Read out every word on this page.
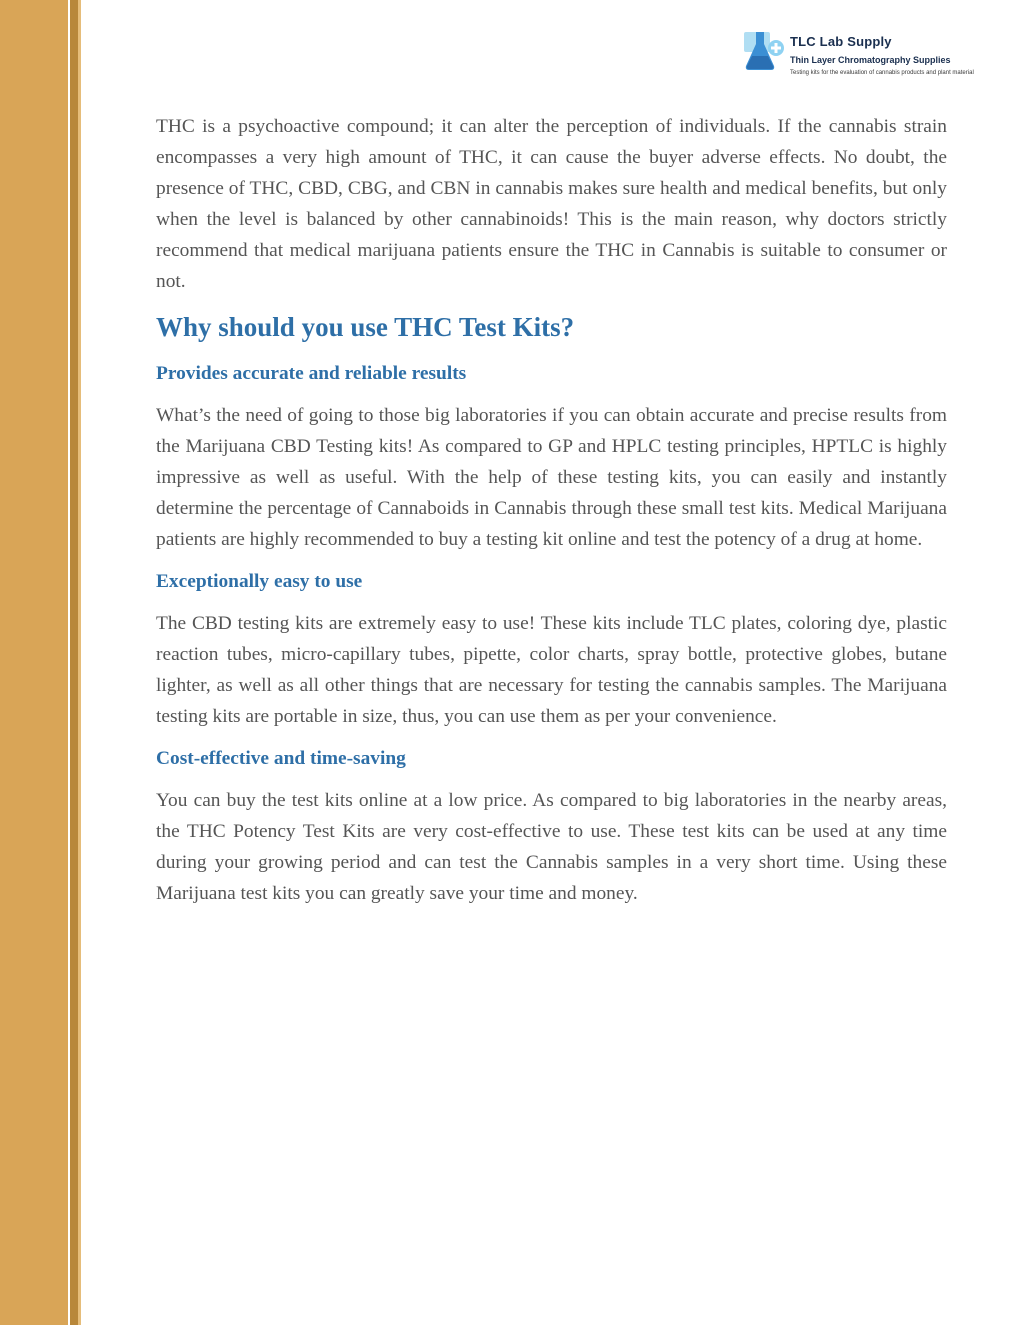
TLC Lab Supply
Thin Layer Chromatography Supplies
Testing kits for the evaluation of cannabis products and plant material

THC is a psychoactive compound; it can alter the perception of individuals. If the cannabis strain encompasses a very high amount of THC, it can cause the buyer adverse effects. No doubt, the presence of THC, CBD, CBG, and CBN in cannabis makes sure health and medical benefits, but only when the level is balanced by other cannabinoids! This is the main reason, why doctors strictly recommend that medical marijuana patients ensure the THC in Cannabis is suitable to consumer or not.

Why should you use THC Test Kits?
Provides accurate and reliable results

What’s the need of going to those big laboratories if you can obtain accurate and precise results from the Marijuana CBD Testing kits! As compared to GP and HPLC testing principles, HPTLC is highly impressive as well as useful. With the help of these testing kits, you can easily and instantly determine the percentage of Cannaboids in Cannabis through these small test kits. Medical Marijuana patients are highly recommended to buy a testing kit online and test the potency of a drug at home.

Exceptionally easy to use

The CBD testing kits are extremely easy to use! These kits include TLC plates, coloring dye, plastic reaction tubes, micro-capillary tubes, pipette, color charts, spray bottle, protective globes, butane lighter, as well as all other things that are necessary for testing the cannabis samples. The Marijuana testing kits are portable in size, thus, you can use them as per your convenience.

Cost-effective and time-saving

You can buy the test kits online at a low price. As compared to big laboratories in the nearby areas, the THC Potency Test Kits are very cost-effective to use. These test kits can be used at any time during your growing period and can test the Cannabis samples in a very short time. Using these Marijuana test kits you can greatly save your time and money.
